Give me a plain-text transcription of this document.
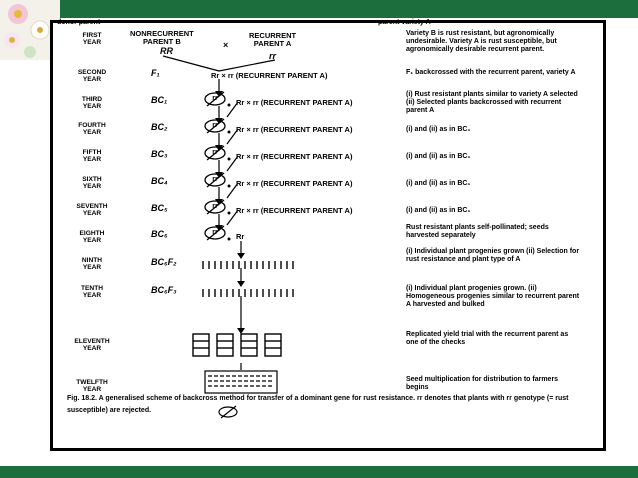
donor parent	parent variety A
NONRECURRENT
PARENT B
RR
×
RECURRENT
PARENT A
rr
FIRST
YEAR
SECOND
YEAR
THIRD
YEAR
FOURTH
YEAR
FIFTH
YEAR
SIXTH
YEAR
SEVENTH
YEAR
EIGHTH
YEAR
NINTH
YEAR
TENTH
YEAR
ELEVENTH
YEAR
TWELFTH
YEAR
F₁
BC₁
BC₂
BC₃
BC₄
BC₅
BC₆
BC₆F₂
BC₆F₃
Rr × rr (RECURRENT PARENT A)
Rr × rr (RECURRENT PARENT A)
Rr × rr (RECURRENT PARENT A)
Rr × rr (RECURRENT PARENT A)
Rr × rr (RECURRENT PARENT A)
Rr × rr (RECURRENT PARENT A)
Rr
rr
rr
rr
rr
rr
rr
Variety B is rust resistant, but agronomically undesirable. Variety A is rust susceptible, but agronomically desirable recurrent parent.
F₁ backcrossed with the recurrent parent, variety A
(i) Rust resistant plants similar to variety A selected (ii) Selected plants backcrossed with recurrent parent A
(i) and (ii) as in BC₁
(i) and (ii) as in BC₁
(i) and (ii) as in BC₁
(i) and (ii) as in BC₁
Rust resistant plants self-pollinated; seeds harvested separately
(i) Individual plant progenies grown (ii) Selection for rust resistance and plant type of A
(i) Individual plant progenies grown. (ii) Homogeneous progenies similar to recurrent parent A harvested and bulked
Replicated yield trial with the recurrent parent as one of the checks
Seed multiplication for distribution to farmers begins
Fig. 18.2. A generalised scheme of backcross method for transfer of a dominant gene for rust resistance. rr denotes that plants with rr genotype (= rust susceptible) are rejected.
